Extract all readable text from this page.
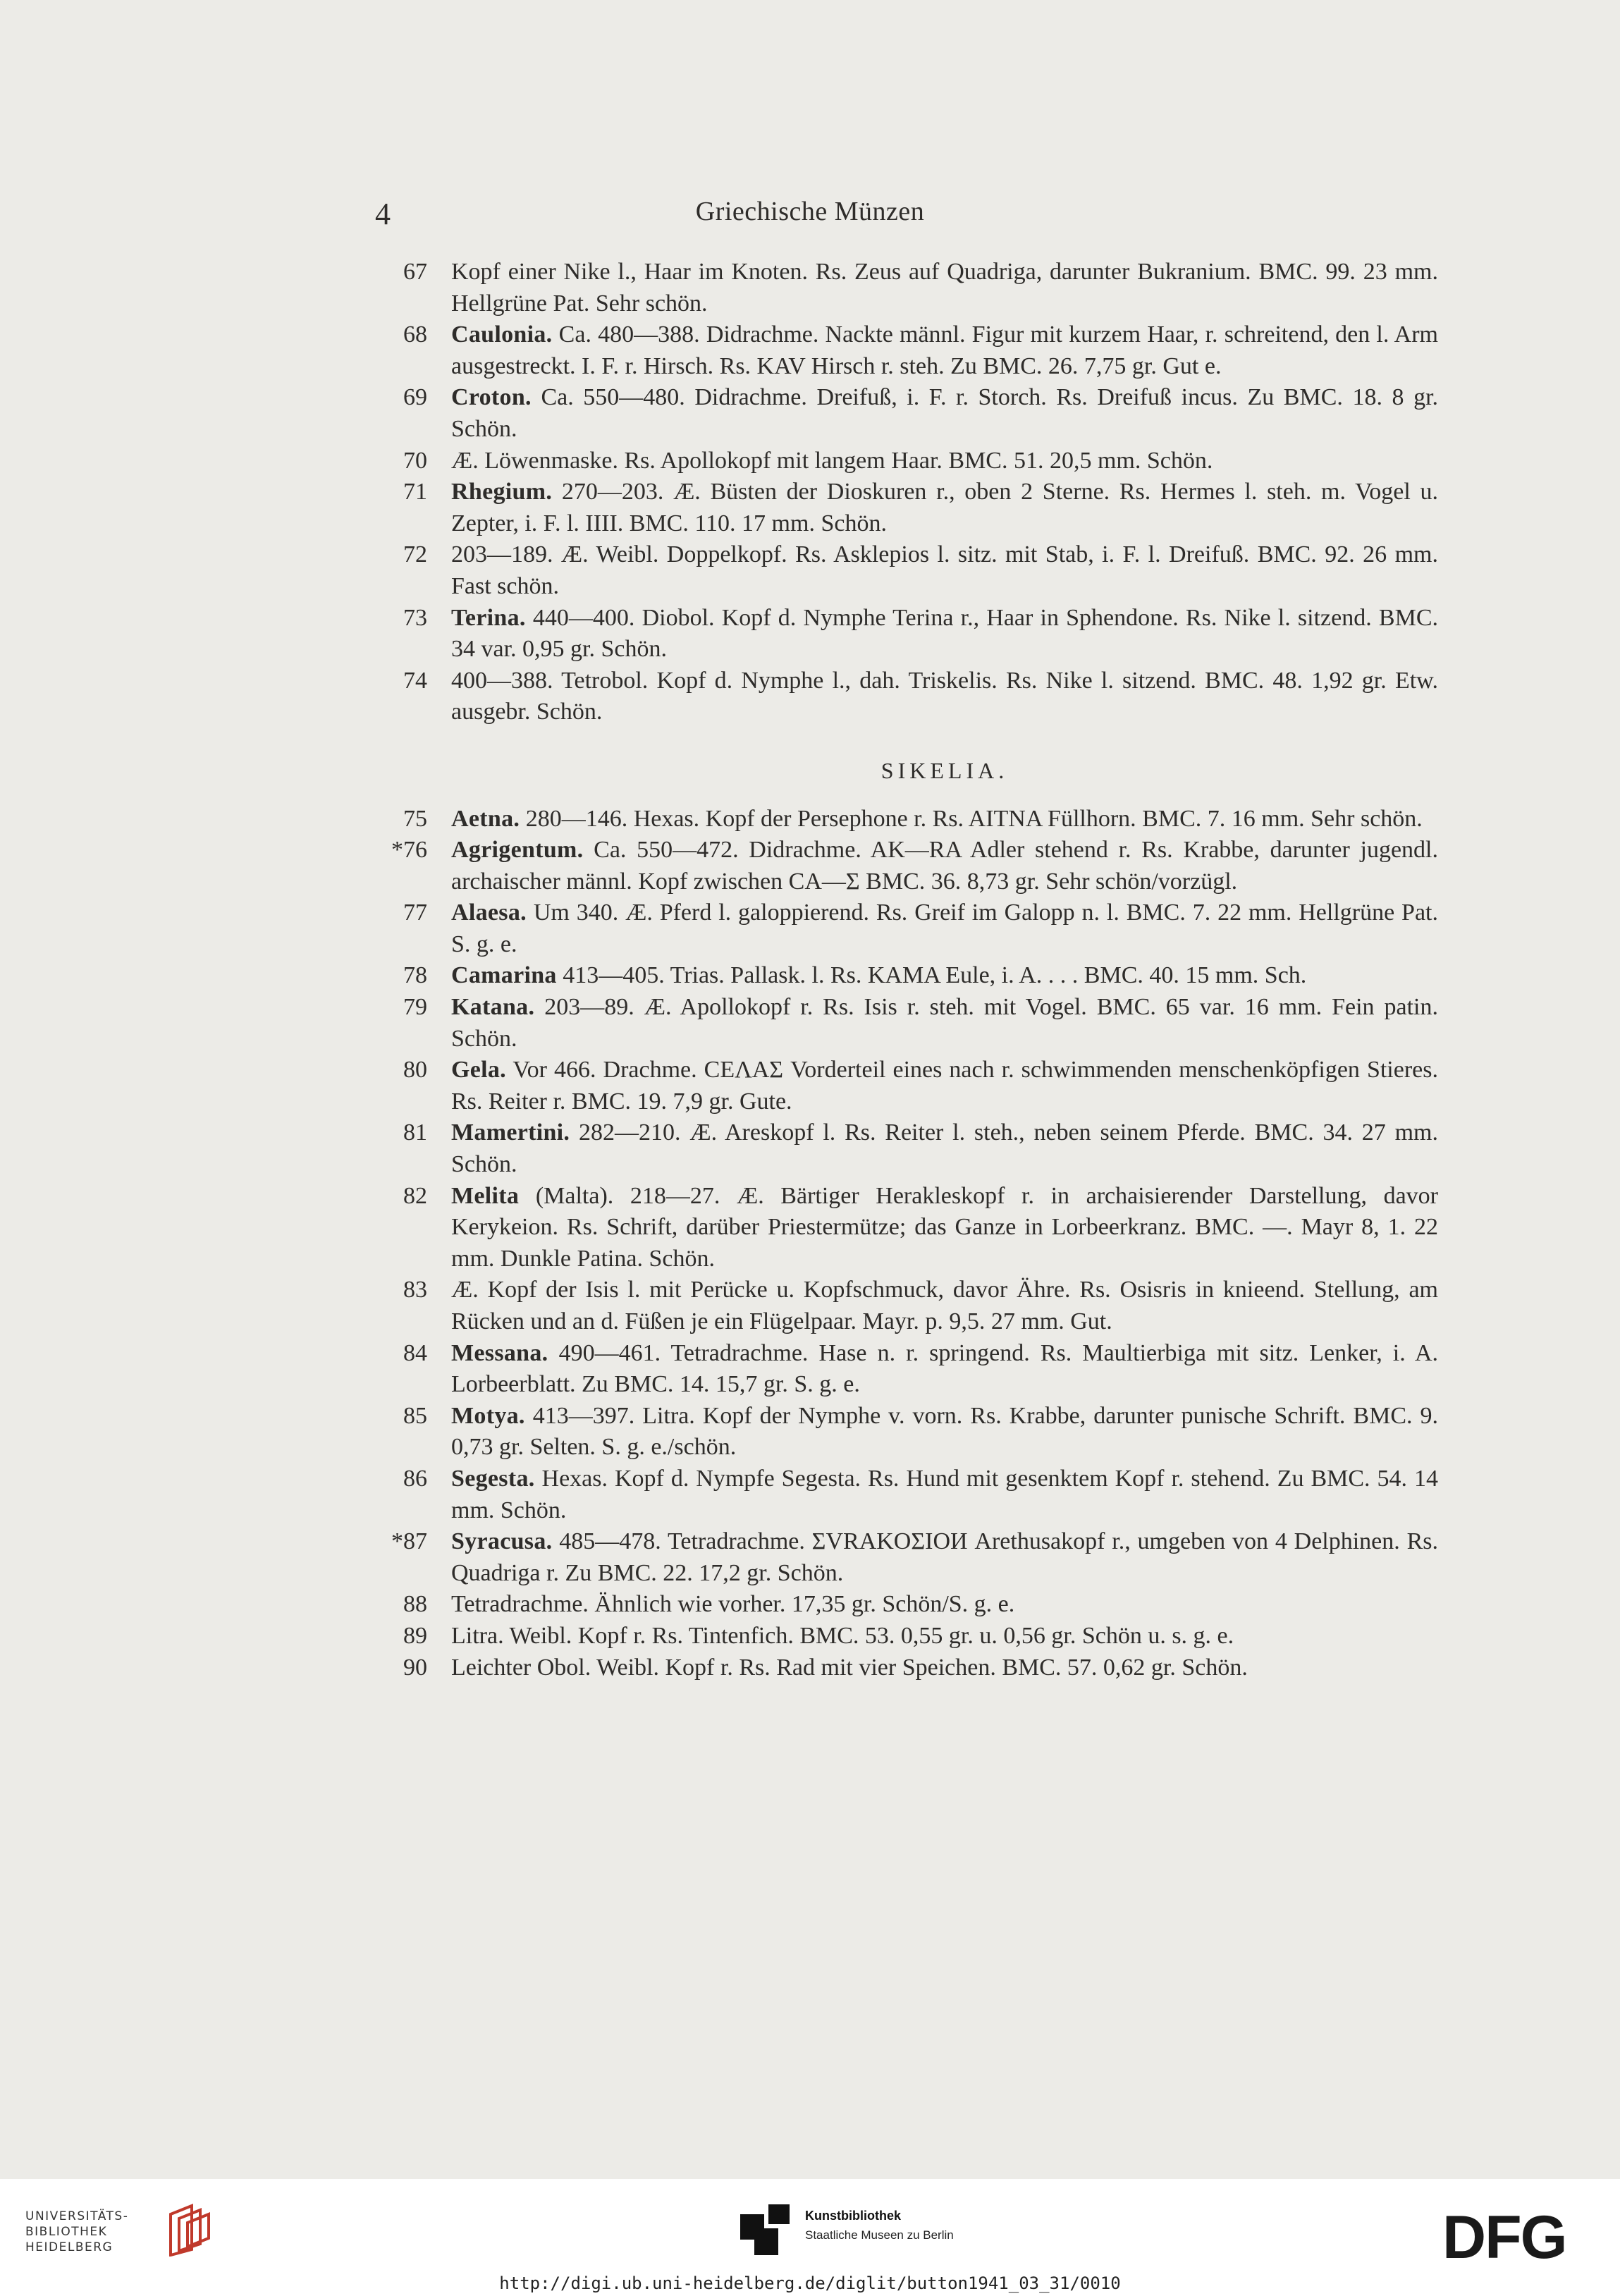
4	Griechische Münzen

67 Kopf einer Nike l., Haar im Knoten. Rs. Zeus auf Quadriga, darunter Bukranium. BMC. 99. 23 mm. Hellgrüne Pat. Sehr schön.

68 Caulonia. Ca. 480—388. Didrachme. Nackte männl. Figur mit kurzem Haar, r. schreitend, den l. Arm ausgestreckt. I. F. r. Hirsch. Rs. KAV Hirsch r. steh. Zu BMC. 26. 7,75 gr. Gut e.

69 Croton. Ca. 550—480. Didrachme. Dreifuß, i. F. r. Storch. Rs. Dreifuß incus. Zu BMC. 18. 8 gr. Schön.

70 Æ. Löwenmaske. Rs. Apollokopf mit langem Haar. BMC. 51. 20,5 mm. Schön.

71 Rhegium. 270—203. Æ. Büsten der Dioskuren r., oben 2 Sterne. Rs. Hermes l. steh. m. Vogel u. Zepter, i. F. l. IIII. BMC. 110. 17 mm. Schön.

72 203—189. Æ. Weibl. Doppelkopf. Rs. Asklepios l. sitz. mit Stab, i. F. l. Dreifuß. BMC. 92. 26 mm. Fast schön.

73 Terina. 440—400. Diobol. Kopf d. Nymphe Terina r., Haar in Sphendone. Rs. Nike l. sitzend. BMC. 34 var. 0,95 gr. Schön.

74 400—388. Tetrobol. Kopf d. Nymphe l., dah. Triskelis. Rs. Nike l. sitzend. BMC. 48. 1,92 gr. Etw. ausgebr. Schön.

SIKELIA.

75 Aetna. 280—146. Hexas. Kopf der Persephone r. Rs. AITNA Füllhorn. BMC. 7. 16 mm. Sehr schön.

*76 Agrigentum. Ca. 550—472. Didrachme. AK—RA Adler stehend r. Rs. Krabbe, darunter jugendl. archaischer männl. Kopf zwischen CA—Σ BMC. 36. 8,73 gr. Sehr schön/vorzügl.

77 Alaesa. Um 340. Æ. Pferd l. galoppierend. Rs. Greif im Galopp n. l. BMC. 7. 22 mm. Hellgrüne Pat. S. g. e.

78 Camarina 413—405. Trias. Pallask. l. Rs. KAMA Eule, i. A. . . . BMC. 40. 15 mm. Sch.

79 Katana. 203—89. Æ. Apollokopf r. Rs. Isis r. steh. mit Vogel. BMC. 65 var. 16 mm. Fein patin. Schön.

80 Gela. Vor 466. Drachme. CEΛAΣ Vorderteil eines nach r. schwimmenden menschenköpfigen Stieres. Rs. Reiter r. BMC. 19. 7,9 gr. Gute.

81 Mamertini. 282—210. Æ. Areskopf l. Rs. Reiter l. steh., neben seinem Pferde. BMC. 34. 27 mm. Schön.

82 Melita (Malta). 218—27. Æ. Bärtiger Herakleskopf r. in archaisierender Darstellung, davor Kerykeion. Rs. Schrift, darüber Priestermütze; das Ganze in Lorbeerkranz. BMC. —. Mayr 8, 1. 22 mm. Dunkle Patina. Schön.

83 Æ. Kopf der Isis l. mit Perücke u. Kopfschmuck, davor Ähre. Rs. Osisris in knieend. Stellung, am Rücken und an d. Füßen je ein Flügelpaar. Mayr. p. 9,5. 27 mm. Gut.

84 Messana. 490—461. Tetradrachme. Hase n. r. springend. Rs. Maultierbiga mit sitz. Lenker, i. A. Lorbeerblatt. Zu BMC. 14. 15,7 gr. S. g. e.

85 Motya. 413—397. Litra. Kopf der Nymphe v. vorn. Rs. Krabbe, darunter punische Schrift. BMC. 9. 0,73 gr. Selten. S. g. e./schön.

86 Segesta. Hexas. Kopf d. Nympfe Segesta. Rs. Hund mit gesenktem Kopf r. stehend. Zu BMC. 54. 14 mm. Schön.

*87 Syracusa. 485—478. Tetradrachme. ΣVRAKOΣIOИ Arethusakopf r., umgeben von 4 Delphinen. Rs. Quadriga r. Zu BMC. 22. 17,2 gr. Schön.

88 Tetradrachme. Ähnlich wie vorher. 17,35 gr. Schön/S. g. e.

89 Litra. Weibl. Kopf r. Rs. Tintenfich. BMC. 53. 0,55 gr. u. 0,56 gr. Schön u. s. g. e.

90 Leichter Obol. Weibl. Kopf r. Rs. Rad mit vier Speichen. BMC. 57. 0,62 gr. Schön.

UNIVERSITÄTS-
BIBLIOTHEK
HEIDELBERG
Kunstbibliothek
Staatliche Museen zu Berlin	DFG
http://digi.ub.uni-heidelberg.de/diglit/button1941_03_31/0010
